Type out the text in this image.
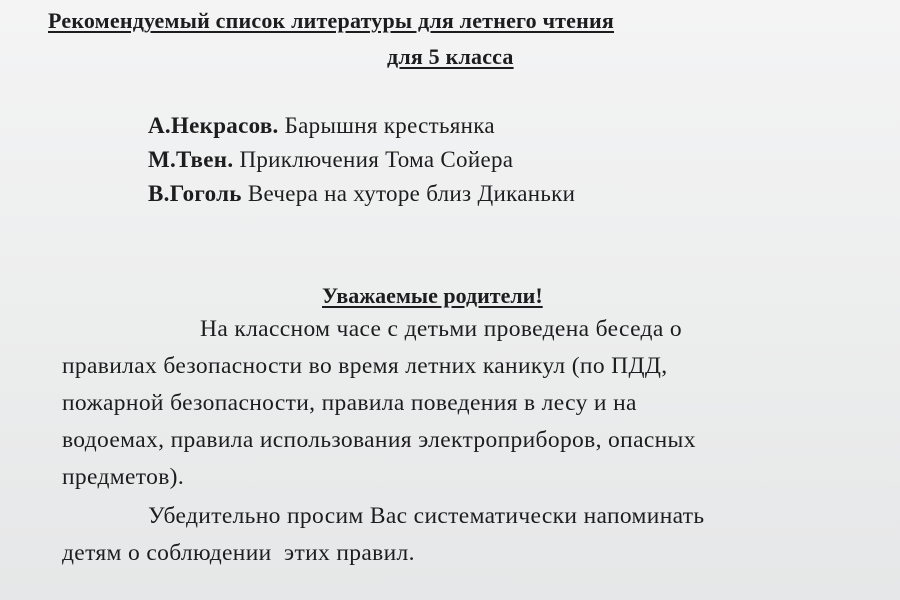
Рекомендуемый список литературы для летнего чтения
для 5 класса
А.Некрасов. Барышня крестьянка
М.Твен. Приключения Тома Сойера
В.Гоголь Вечера на хуторе близ Диканьки
Уважаемые родители!
На классном часе с детьми проведена беседа о
правилах безопасности во время летних каникул (по ПДД,
пожарной безопасности, правила поведения в лесу и на
водоемах, правила использования электроприборов, опасных
предметов).
Убедительно просим Вас систематически напоминать
детям о соблюдении  этих правил.
